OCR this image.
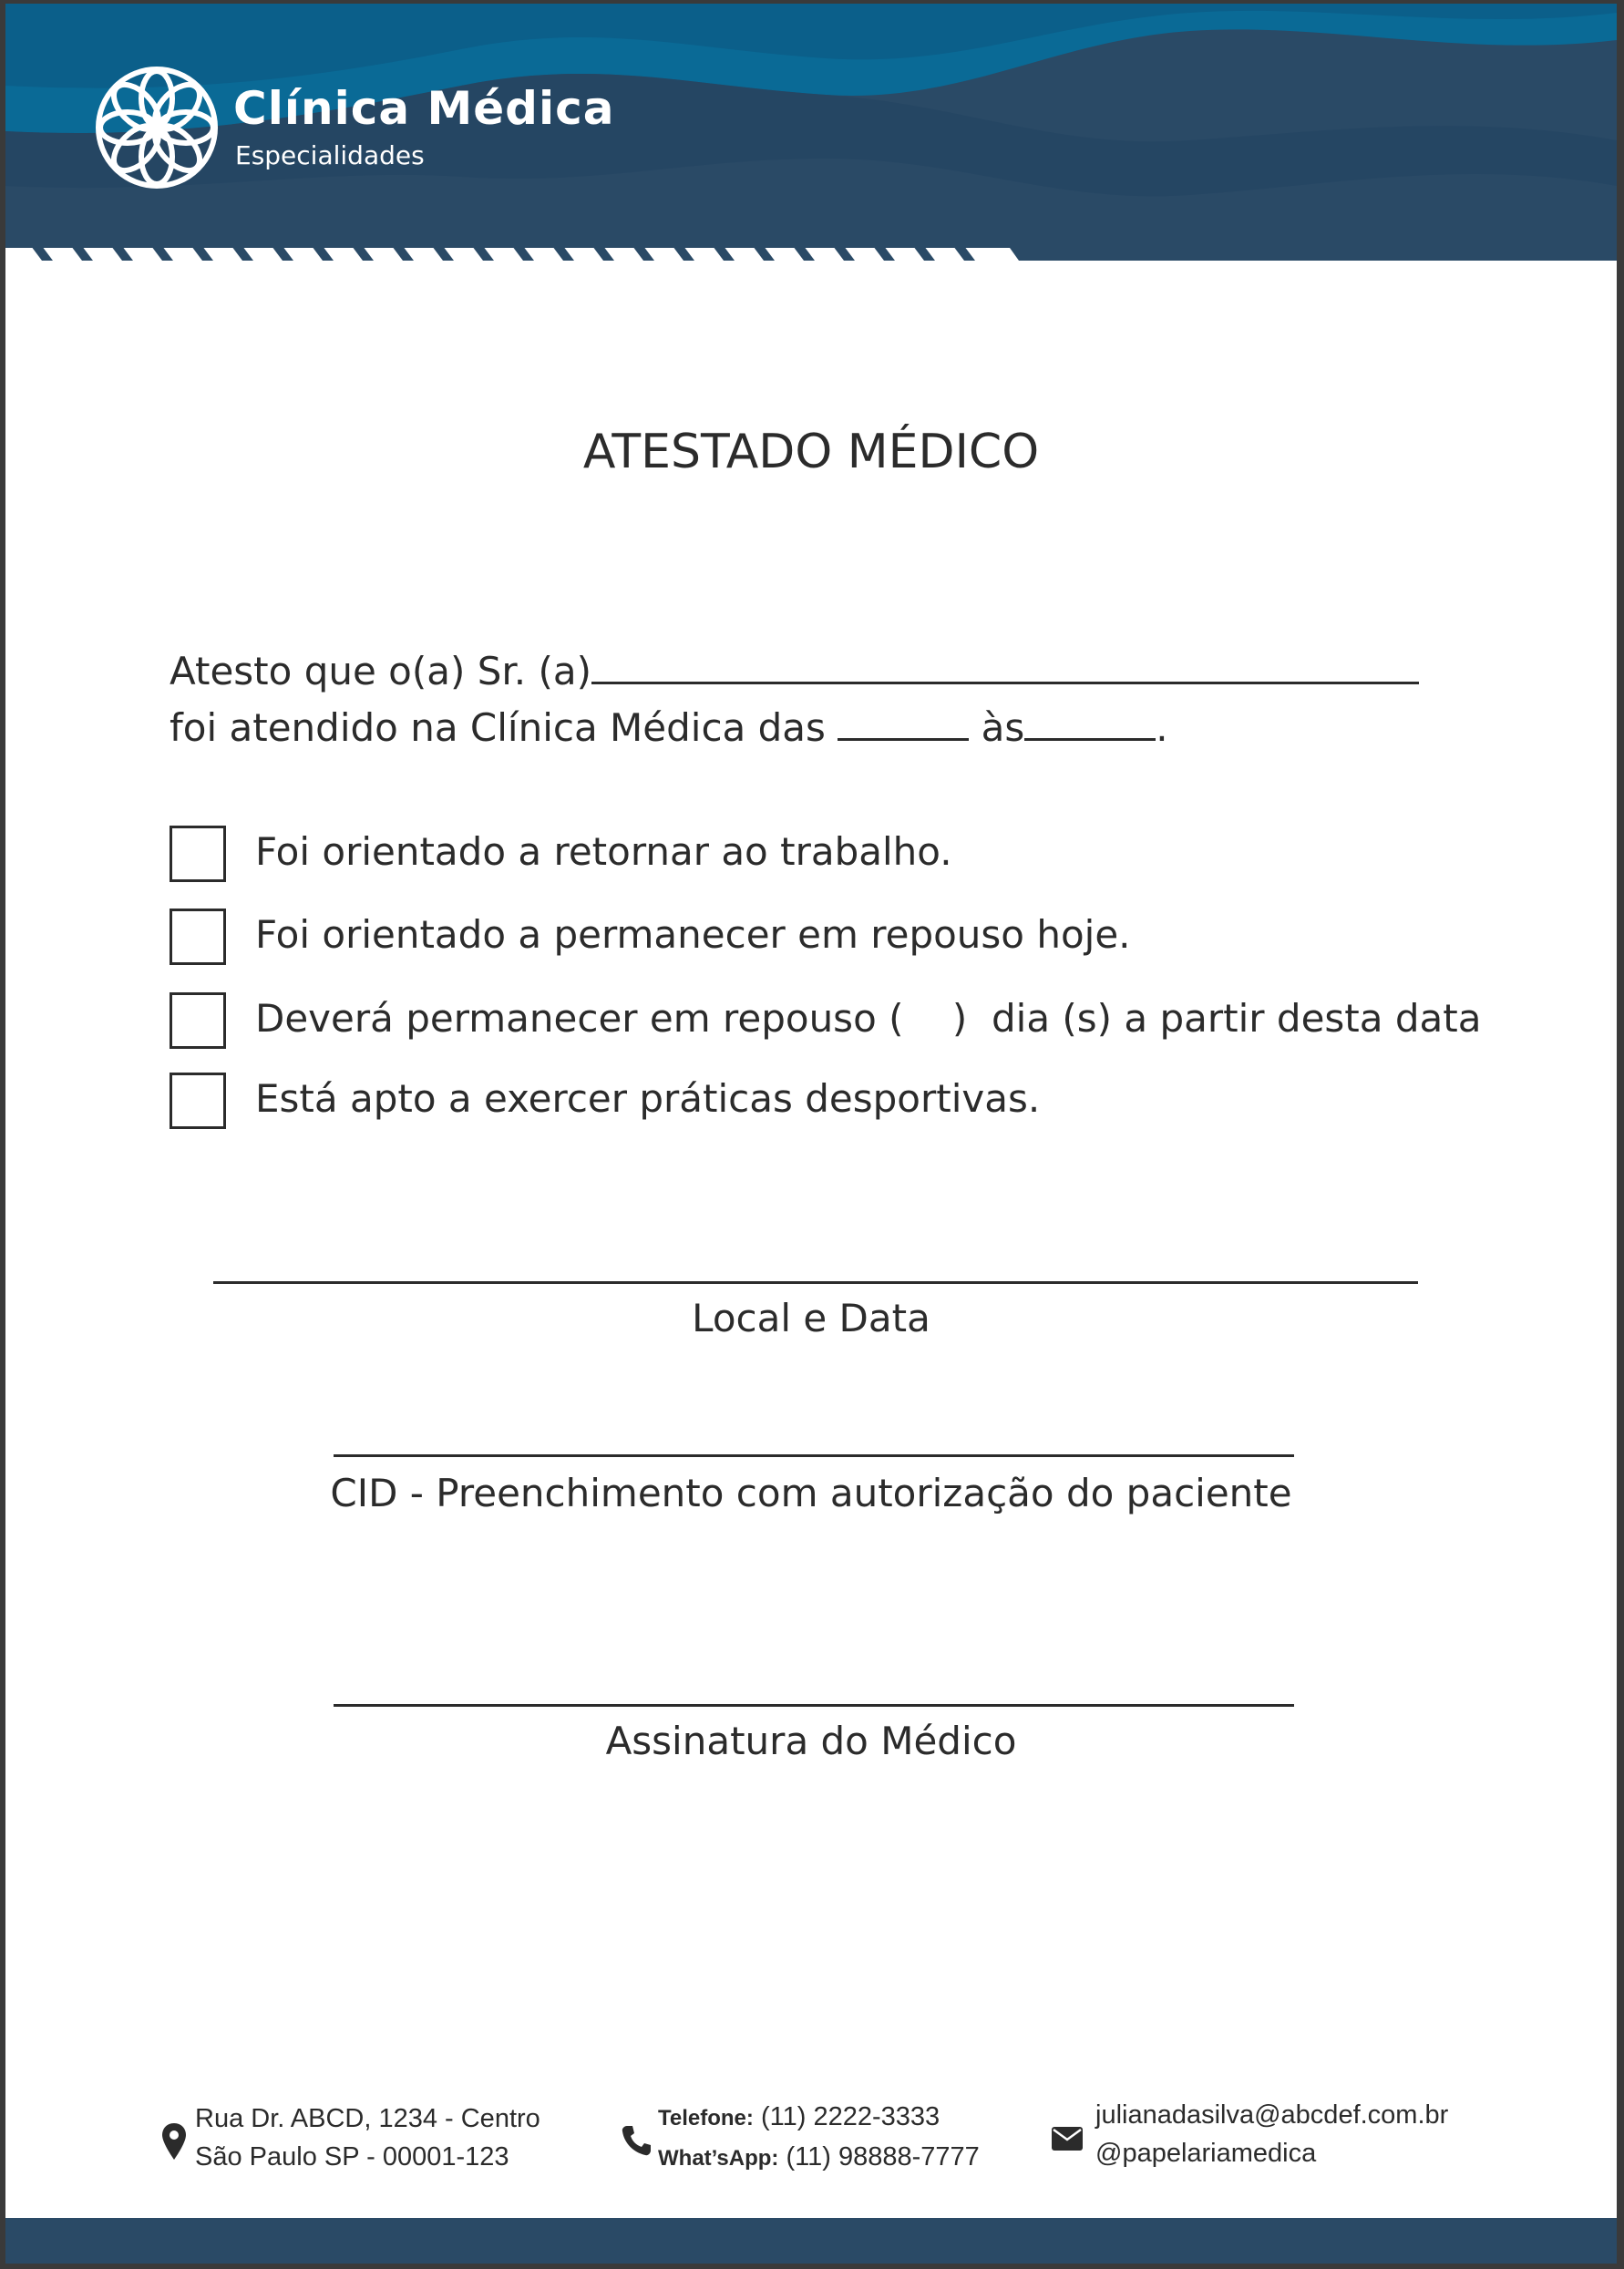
Clínica Médica
Especialidades
ATESTADO MÉDICO
Atesto que o(a) Sr. (a)
foi atendido na Clínica Médica das	às	.
Foi orientado a retornar ao trabalho.
Foi orientado a permanecer em repouso hoje.
Deverá permanecer em repouso (    )  dia (s) a partir desta data
Está apto a exercer práticas desportivas.
Local e Data
CID - Preenchimento com autorização do paciente
Assinatura do Médico
Rua Dr. ABCD, 1234 - Centro
São Paulo SP - 00001-123
Telefone: (11) 2222-3333
What’sApp: (11) 98888-7777
julianadasilva@abcdef.com.br
@papelariamedica
